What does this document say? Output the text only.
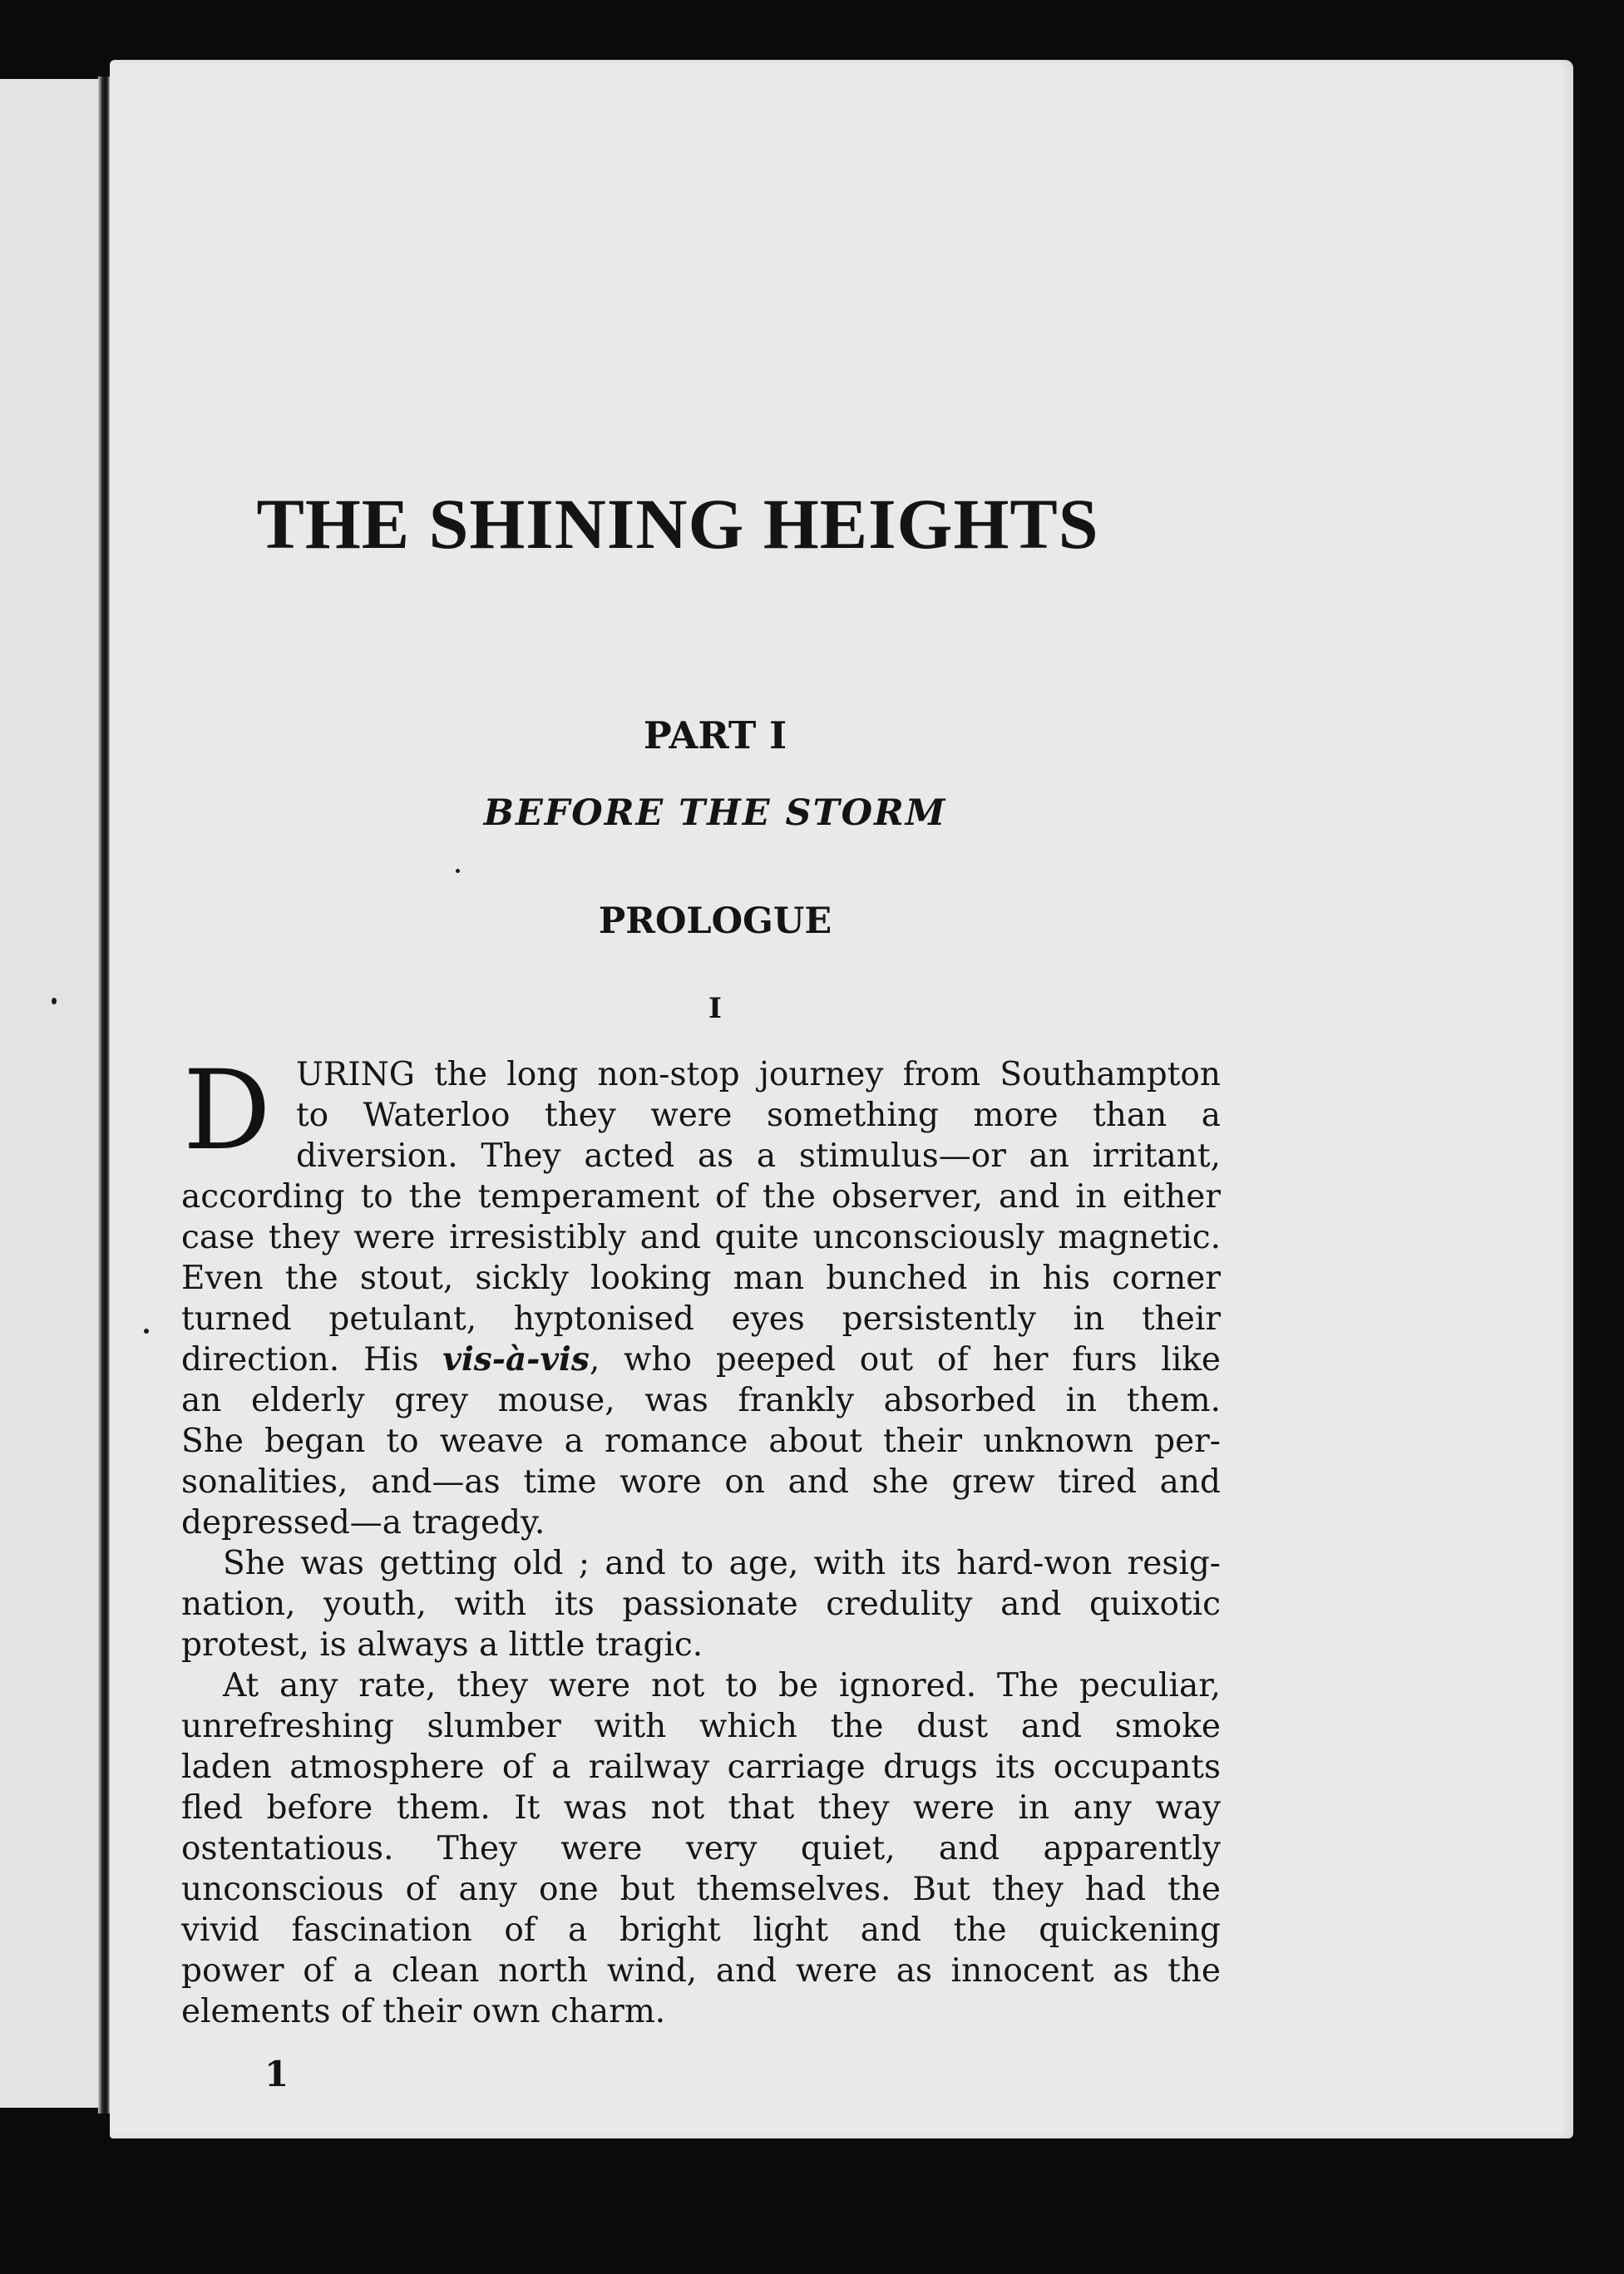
THE SHINING HEIGHTS
PART I
BEFORE THE STORM
PROLOGUE
I
D URING the long non-stop journey from Southampton
to Waterloo they were something more than a
diversion. They acted as a stimulus—or an irritant,
according to the temperament of the observer, and in either
case they were irresistibly and quite unconsciously magnetic.
Even the stout, sickly looking man bunched in his corner
turned petulant, hyptonised eyes persistently in their
direction. His vis-à-vis, who peeped out of her furs like
an elderly grey mouse, was frankly absorbed in them.
She began to weave a romance about their unknown per-
sonalities, and—as time wore on and she grew tired and
depressed—a tragedy.
She was getting old ; and to age, with its hard-won resig-
nation, youth, with its passionate credulity and quixotic
protest, is always a little tragic.
At any rate, they were not to be ignored. The peculiar,
unrefreshing slumber with which the dust and smoke
laden atmosphere of a railway carriage drugs its occupants
fled before them. It was not that they were in any way
ostentatious. They were very quiet, and apparently
unconscious of any one but themselves. But they had the
vivid fascination of a bright light and the quickening
power of a clean north wind, and were as innocent as the
elements of their own charm.
1
